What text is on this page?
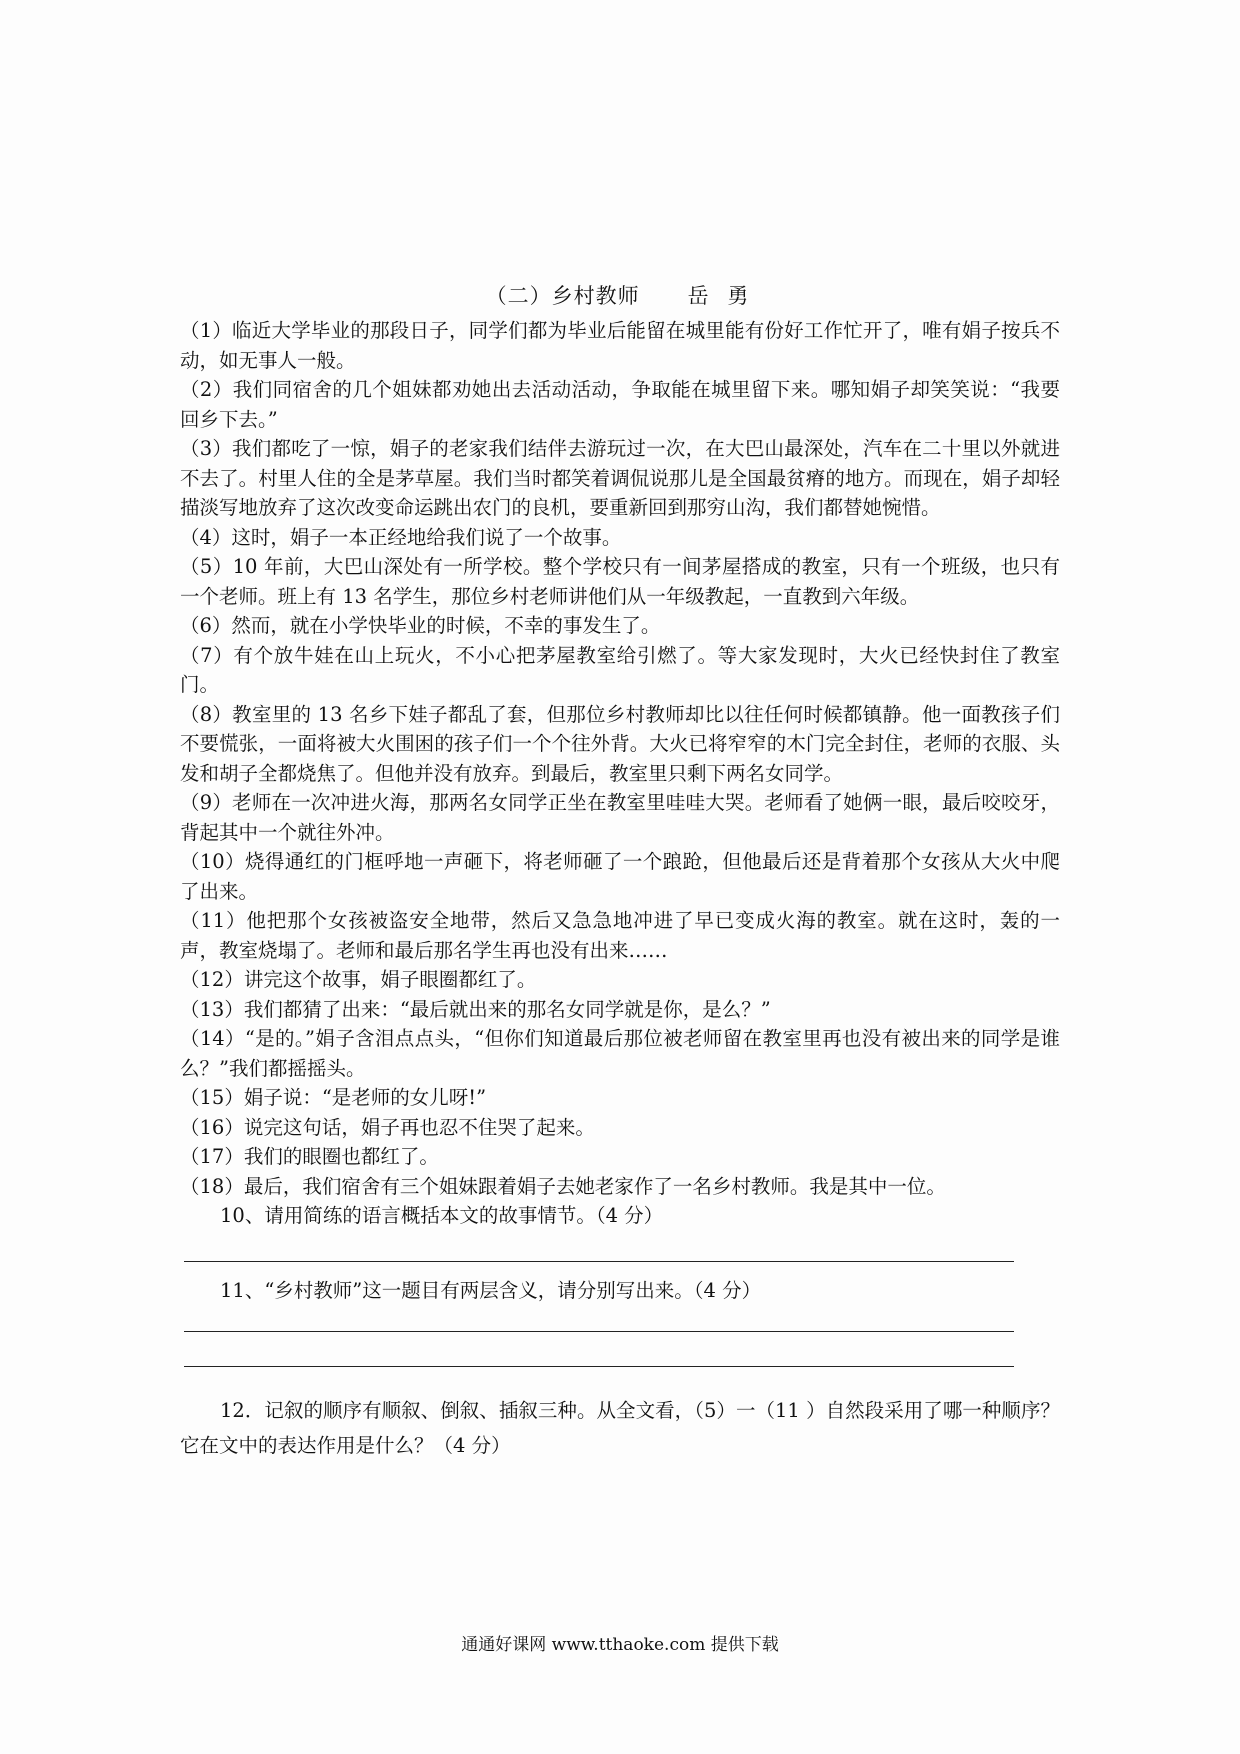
（二）乡村教师 岳 勇

（1）临近大学毕业的那段日子，同学们都为毕业后能留在城里能有份好工作忙开了，唯有娟子按兵不动，如无事人一般。

（2）我们同宿舍的几个姐妹都劝她出去活动活动，争取能在城里留下来。哪知娟子却笑笑说：“我要回乡下去。”

（3）我们都吃了一惊，娟子的老家我们结伴去游玩过一次，在大巴山最深处，汽车在二十里以外就进不去了。村里人住的全是茅草屋。我们当时都笑着调侃说那儿是全国最贫瘠的地方。而现在，娟子却轻描淡写地放弃了这次改变命运跳出农门的良机，要重新回到那穷山沟，我们都替她惋惜。

（4）这时，娟子一本正经地给我们说了一个故事。

（5）10 年前，大巴山深处有一所学校。整个学校只有一间茅屋搭成的教室，只有一个班级，也只有一个老师。班上有 13 名学生，那位乡村老师讲他们从一年级教起，一直教到六年级。

（6）然而，就在小学快毕业的时候，不幸的事发生了。

（7）有个放牛娃在山上玩火，不小心把茅屋教室给引燃了。等大家发现时，大火已经快封住了教室门。

（8）教室里的 13 名乡下娃子都乱了套，但那位乡村教师却比以往任何时候都镇静。他一面教孩子们不要慌张，一面将被大火围困的孩子们一个个往外背。大火已将窄窄的木门完全封住，老师的衣服、头发和胡子全都烧焦了。但他并没有放弃。到最后，教室里只剩下两名女同学。

（9）老师在一次冲进火海，那两名女同学正坐在教室里哇哇大哭。老师看了她俩一眼，最后咬咬牙，背起其中一个就往外冲。

（10）烧得通红的门框呼地一声砸下，将老师砸了一个踉跄，但他最后还是背着那个女孩从大火中爬了出来。

（11）他把那个女孩被盗安全地带，然后又急急地冲进了早已变成火海的教室。就在这时，轰的一声，教室烧塌了。老师和最后那名学生再也没有出来……

（12）讲完这个故事，娟子眼圈都红了。

（13）我们都猜了出来：“最后就出来的那名女同学就是你，是么？”

（14）“是的。”娟子含泪点点头，“但你们知道最后那位被老师留在教室里再也没有被出来的同学是谁么？”我们都摇摇头。

（15）娟子说：“是老师的女儿呀!”

（16）说完这句话，娟子再也忍不住哭了起来。

（17）我们的眼圈也都红了。

（18）最后，我们宿舍有三个姐妹跟着娟子去她老家作了一名乡村教师。我是其中一位。

10、请用简练的语言概括本文的故事情节。（4 分）

11、“乡村教师”这一题目有两层含义，请分别写出来。（4 分）

12．记叙的顺序有顺叙、倒叙、插叙三种。从全文看，（5）一（11 ）自然段采用了哪一种顺序？它在文中的表达作用是什么？（4 分）

通通好课网 www.tthaoke.com 提供下载
